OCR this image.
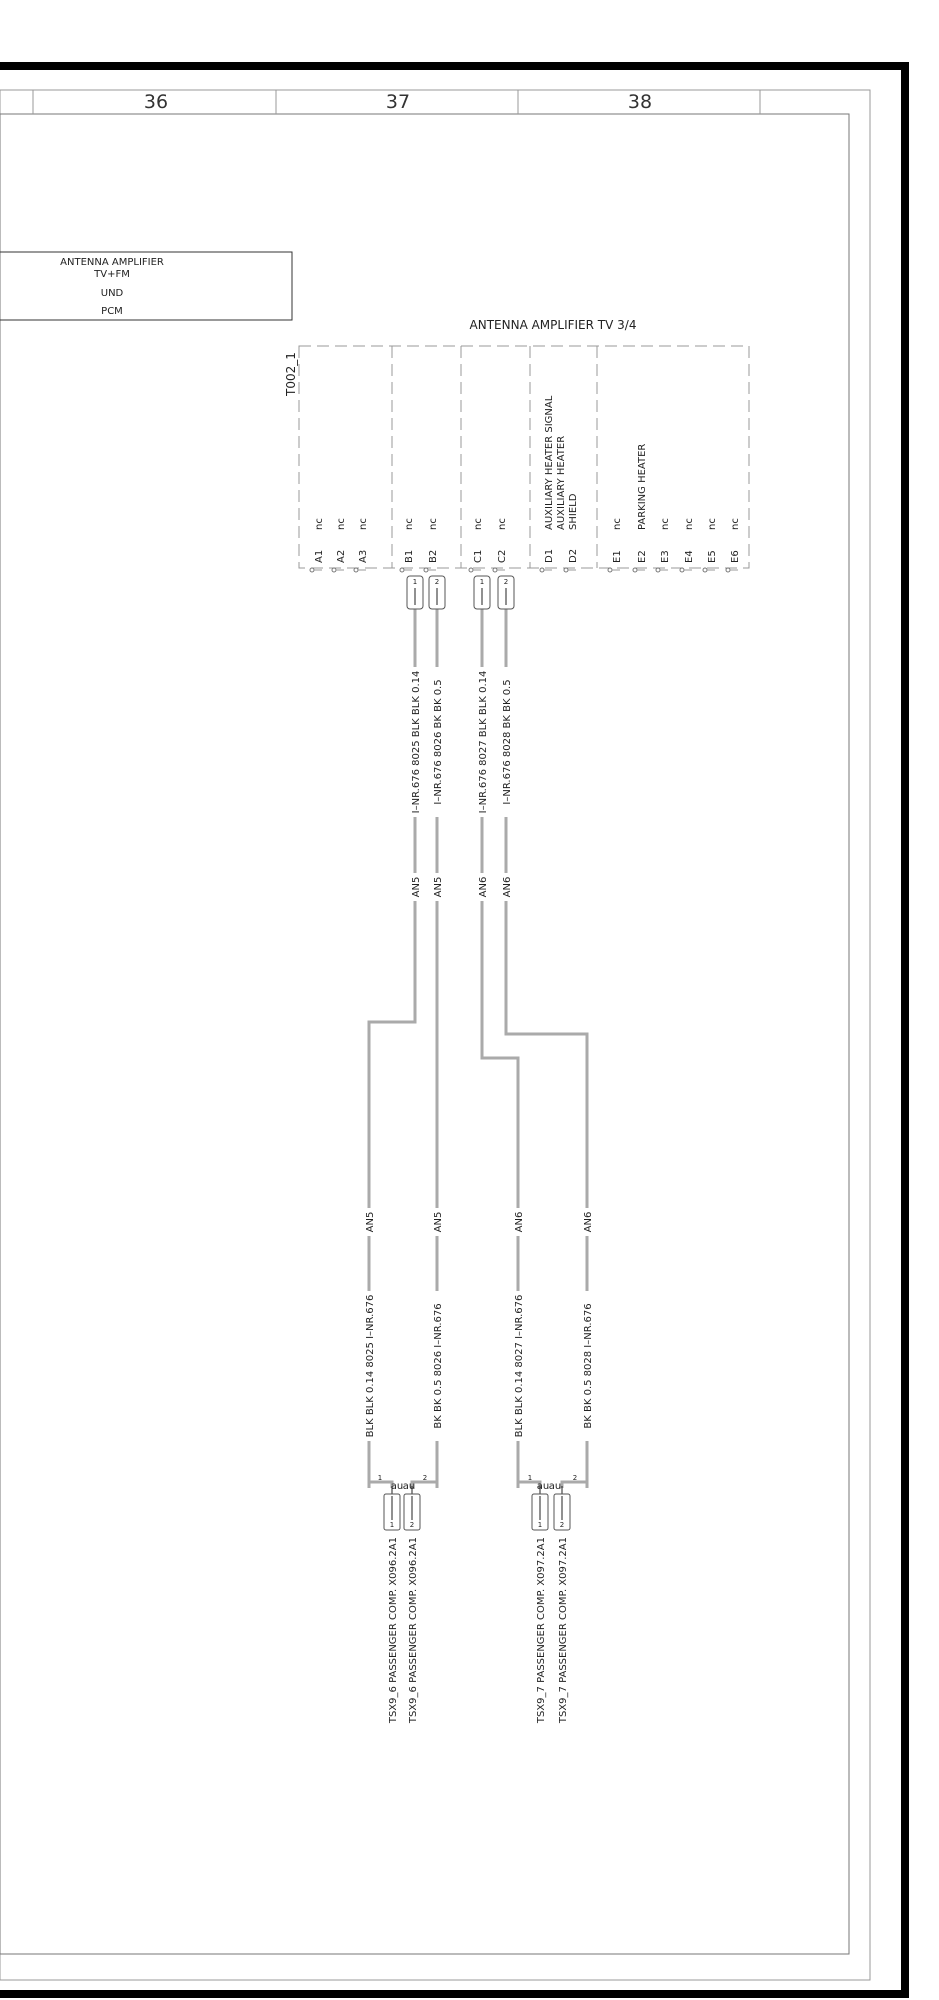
36	37	38
ANTENNA AMPLIFIER
TV+FM
UND
PCM
ANTENNA AMPLIFIER TV 3/4
T002_1
A1
nc
A2
nc
A3
nc
B1
nc
B2
nc
C1
nc
C2
nc
D1 D2	E1
nc
E2 E3
nc
E4
nc
E5
nc
E6
nc
AUXILIARY HEATER SIGNAL AUXILIARY HEATER SHIELD	PARKING HEATER
1	2	1	2
I–NR.676 8025 BLK BLK 0.14
AN5
I–NR.676 8026 BK BK 0.5
AN5
I–NR.676 8027 BLK BLK 0.14
AN6
I–NR.676 8028 BK BK 0.5
AN6
AN5
BLK BLK 0.14 8025 I–NR.676
AN5
BK BK 0.5 8026 I–NR.676
AN6
BLK BLK 0.14 8027 I–NR.676
AN6
BK BK 0.5 8028 I–NR.676
au au	au au
1	2	1	2
1 2	1	2
TSX9_6 PASSENGER COMP. X096.2A1 TSX9_6 PASSENGER COMP. X096.2A1	TSX9_7 PASSENGER COMP. X097.2A1 TSX9_7 PASSENGER COMP. X097.2A1
